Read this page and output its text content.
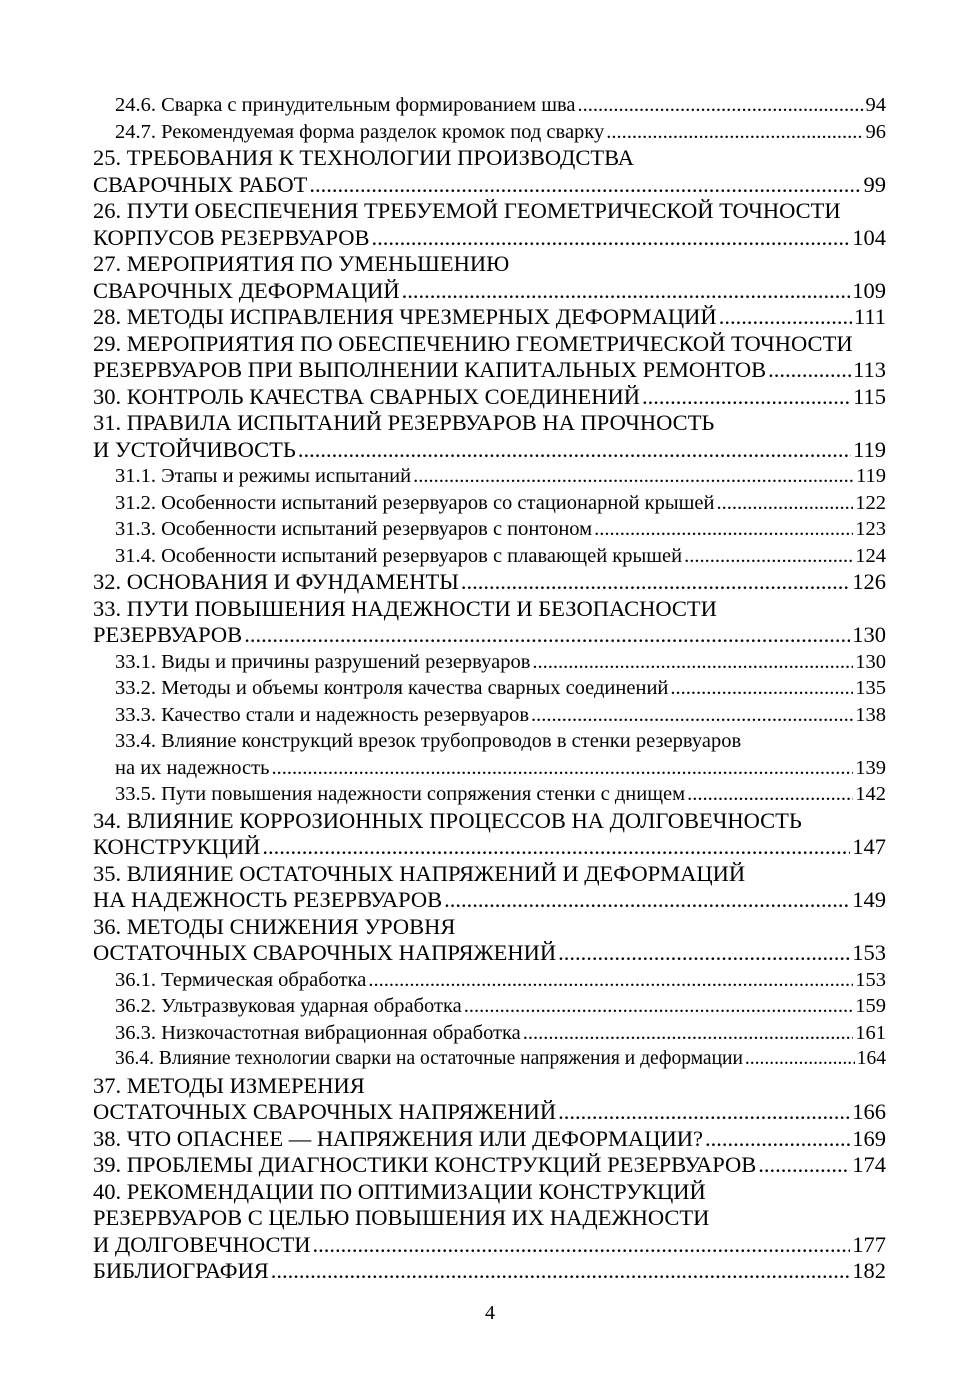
24.6. Сварка с принудительным формированием шва .....	94
24.7. Рекомендуемая форма разделок кромок под сварку .....	96
25. ТРЕБОВАНИЯ К ТЕХНОЛОГИИ ПРОИЗВОДСТВА
СВАРОЧНЫХ РАБОТ .....	99
26. ПУТИ ОБЕСПЕЧЕНИЯ ТРЕБУЕМОЙ ГЕОМЕТРИЧЕСКОЙ ТОЧНОСТИ
КОРПУСОВ РЕЗЕРВУАРОВ .....	104
27. МЕРОПРИЯТИЯ ПО УМЕНЬШЕНИЮ
СВАРОЧНЫХ ДЕФОРМАЦИЙ .....	109
28. МЕТОДЫ ИСПРАВЛЕНИЯ ЧРЕЗМЕРНЫХ ДЕФОРМАЦИЙ .....	111
29. МЕРОПРИЯТИЯ ПО ОБЕСПЕЧЕНИЮ ГЕОМЕТРИЧЕСКОЙ ТОЧНОСТИ
РЕЗЕРВУАРОВ ПРИ ВЫПОЛНЕНИИ КАПИТАЛЬНЫХ РЕМОНТОВ .....	113
30. КОНТРОЛЬ КАЧЕСТВА СВАРНЫХ СОЕДИНЕНИЙ .....	115
31. ПРАВИЛА ИСПЫТАНИЙ РЕЗЕРВУАРОВ НА ПРОЧНОСТЬ
И УСТОЙЧИВОСТЬ .....	119
31.1. Этапы и режимы испытаний .....	119
31.2. Особенности испытаний резервуаров со стационарной крышей .....	122
31.3. Особенности испытаний резервуаров с понтоном .....	123
31.4. Особенности испытаний резервуаров с плавающей крышей .....	124
32. ОСНОВАНИЯ И ФУНДАМЕНТЫ .....	126
33. ПУТИ ПОВЫШЕНИЯ НАДЕЖНОСТИ И БЕЗОПАСНОСТИ
РЕЗЕРВУАРОВ .....	130
33.1. Виды и причины разрушений резервуаров .....	130
33.2. Методы и объемы контроля качества сварных соединений .....	135
33.3. Качество стали и надежность резервуаров .....	138
33.4. Влияние конструкций врезок трубопроводов в стенки резервуаров
на их надежность .....	139
33.5. Пути повышения надежности сопряжения стенки с днищем .....	142
34. ВЛИЯНИЕ КОРРОЗИОННЫХ ПРОЦЕССОВ НА ДОЛГОВЕЧНОСТЬ
КОНСТРУКЦИЙ .....	147
35. ВЛИЯНИЕ ОСТАТОЧНЫХ НАПРЯЖЕНИЙ И ДЕФОРМАЦИЙ
НА НАДЕЖНОСТЬ РЕЗЕРВУАРОВ .....	149
36. МЕТОДЫ СНИЖЕНИЯ УРОВНЯ
ОСТАТОЧНЫХ СВАРОЧНЫХ НАПРЯЖЕНИЙ .....	153
36.1. Термическая обработка .....	153
36.2. Ультразвуковая ударная обработка .....	159
36.3. Низкочастотная вибрационная обработка .....	161
36.4. Влияние технологии сварки на остаточные напряжения и деформации .....	164
37. МЕТОДЫ ИЗМЕРЕНИЯ
ОСТАТОЧНЫХ СВАРОЧНЫХ НАПРЯЖЕНИЙ .....	166
38. ЧТО ОПАСНЕЕ — НАПРЯЖЕНИЯ ИЛИ ДЕФОРМАЦИИ? .....	169
39. ПРОБЛЕМЫ ДИАГНОСТИКИ КОНСТРУКЦИЙ РЕЗЕРВУАРОВ .....	174
40. РЕКОМЕНДАЦИИ ПО ОПТИМИЗАЦИИ КОНСТРУКЦИЙ
РЕЗЕРВУАРОВ С ЦЕЛЬЮ ПОВЫШЕНИЯ ИХ НАДЕЖНОСТИ
И ДОЛГОВЕЧНОСТИ .....	177
БИБЛИОГРАФИЯ .....	182
4
